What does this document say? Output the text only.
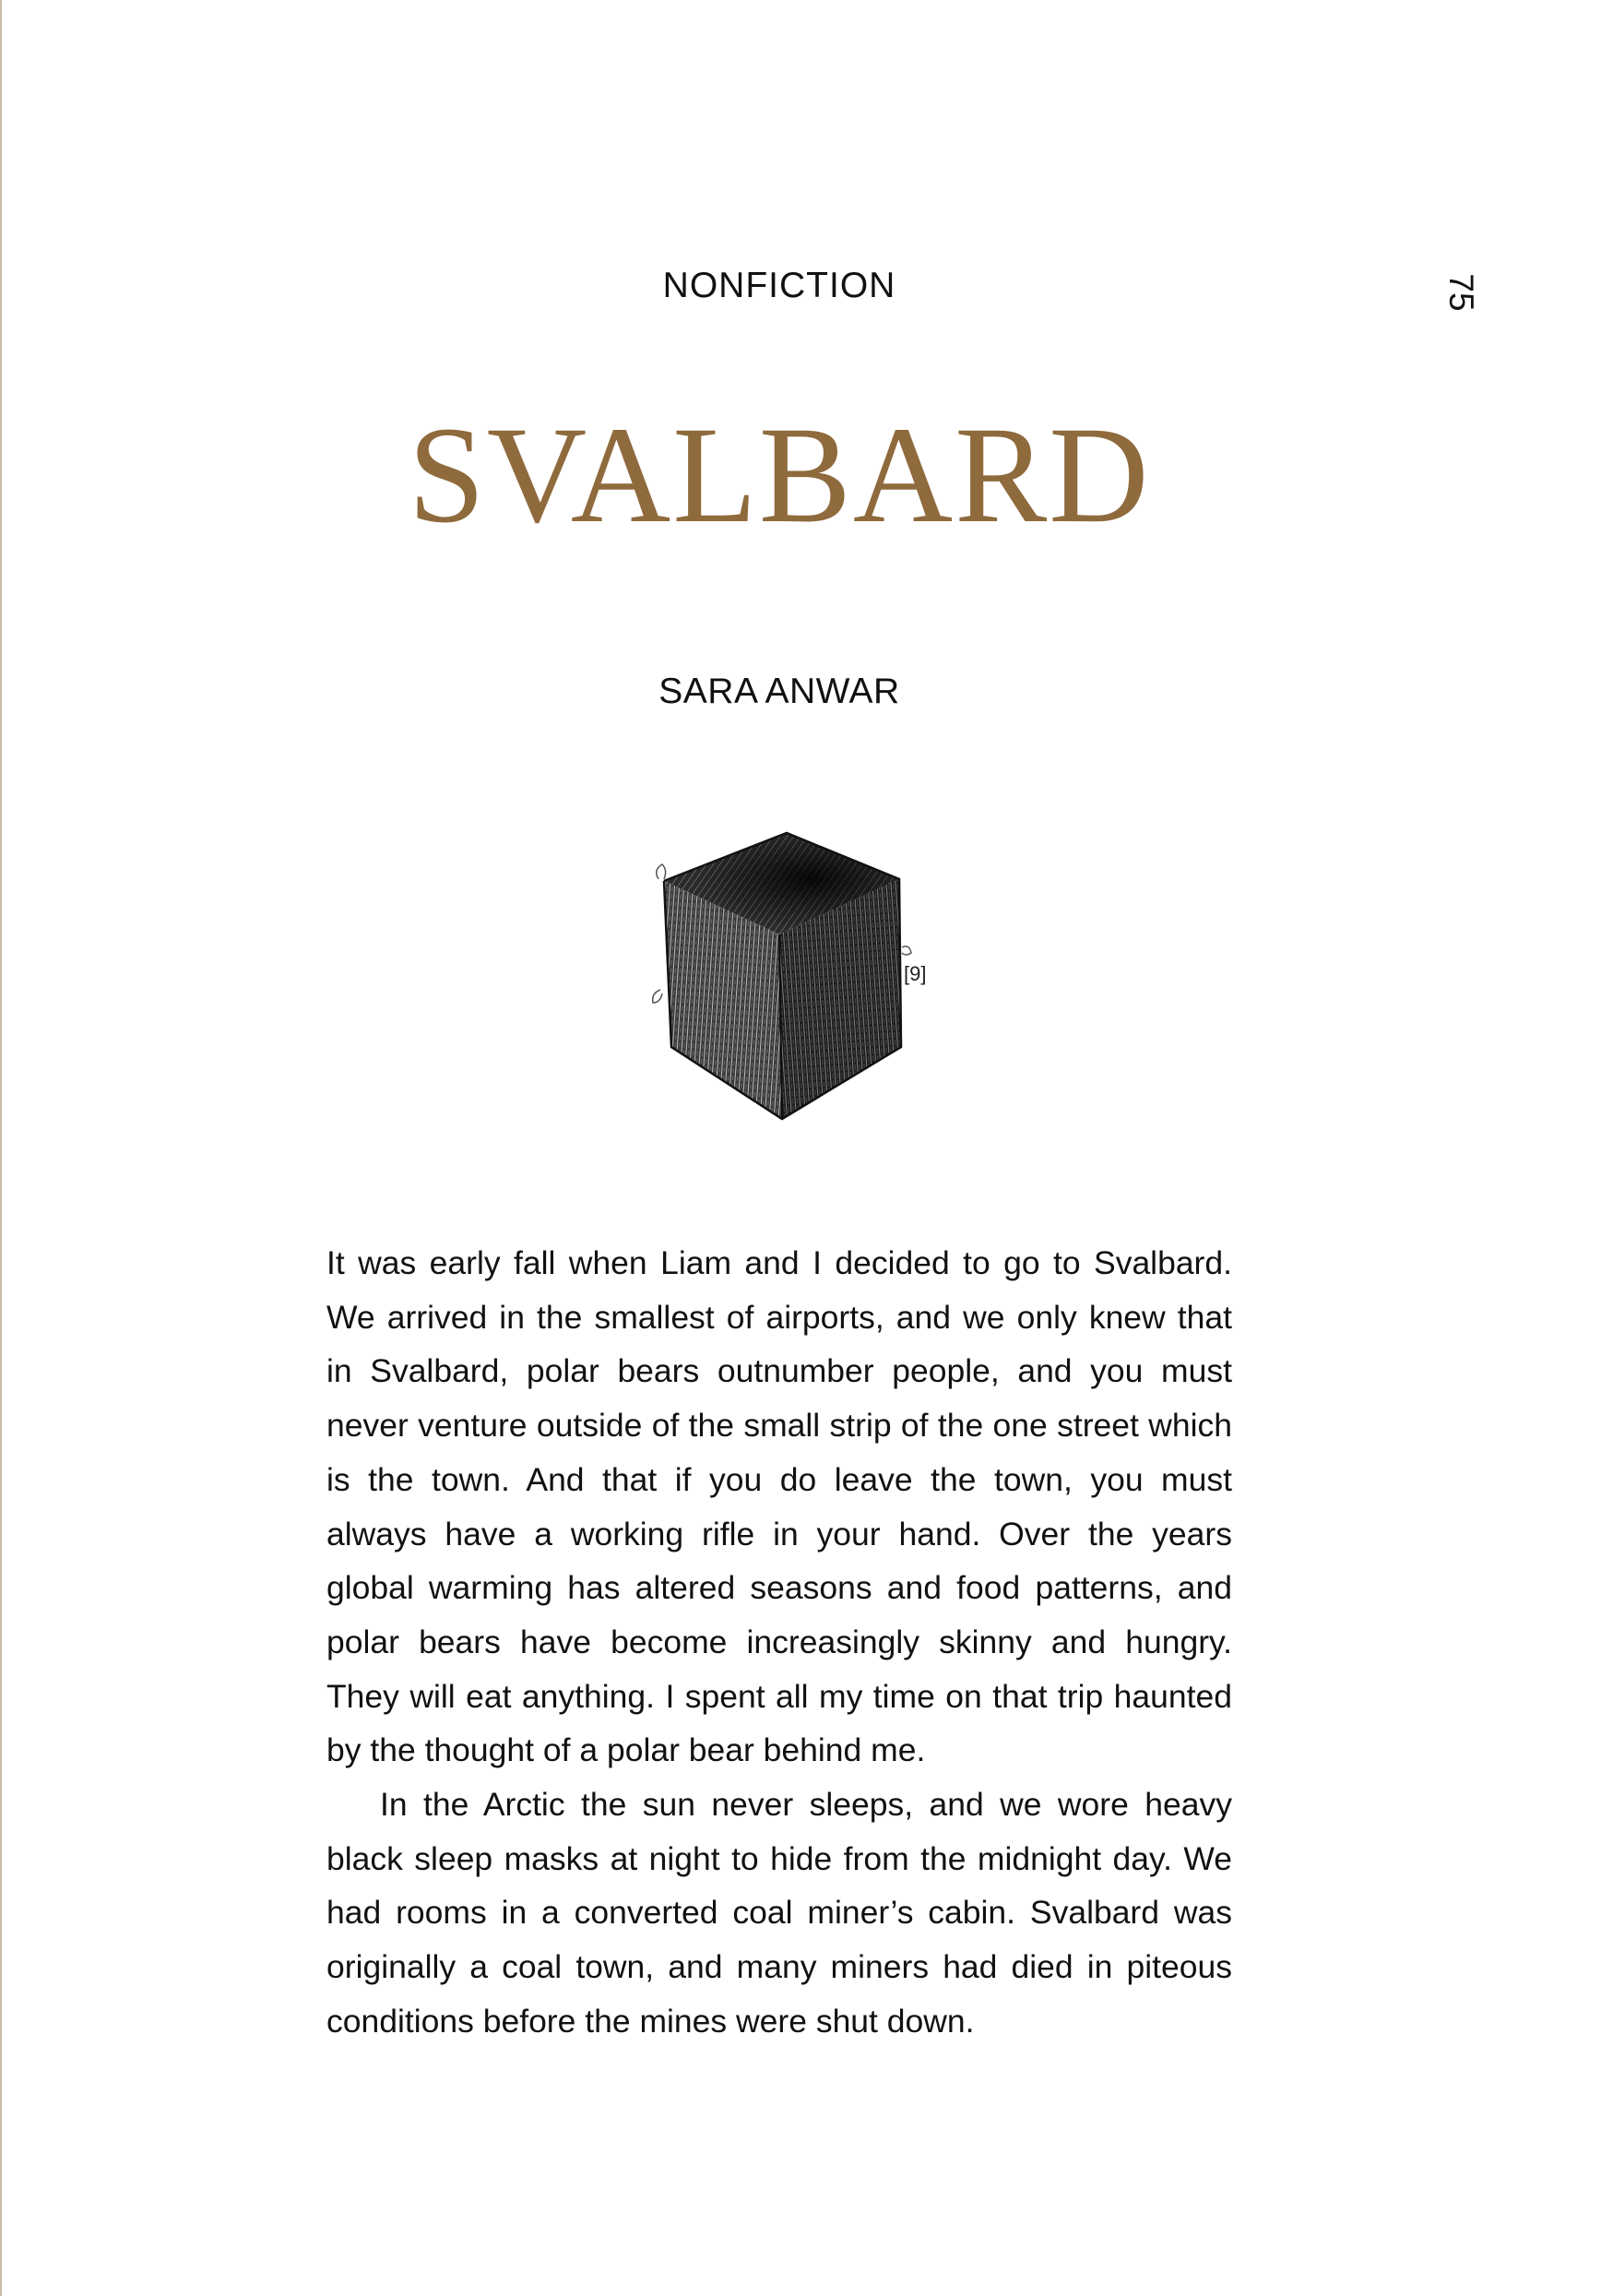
NONFICTION	75
SVALBARD
SARA ANWAR
[9]

It was early fall when Liam and I decided to go to Svalbard. We arrived in the smallest of airports, and we only knew that in Svalbard, polar bears outnumber people, and you must never venture outside of the small strip of the one street which is the town. And that if you do leave the town, you must always have a working rifle in your hand. Over the years global warming has altered seasons and food patterns, and polar bears have become increasingly skinny and hungry. They will eat anything. I spent all my time on that trip haunted by the thought of a polar bear behind me.

In the Arctic the sun never sleeps, and we wore heavy black sleep masks at night to hide from the midnight day. We had rooms in a converted coal miner’s cabin. Svalbard was originally a coal town, and many miners had died in piteous conditions before the mines were shut down.
